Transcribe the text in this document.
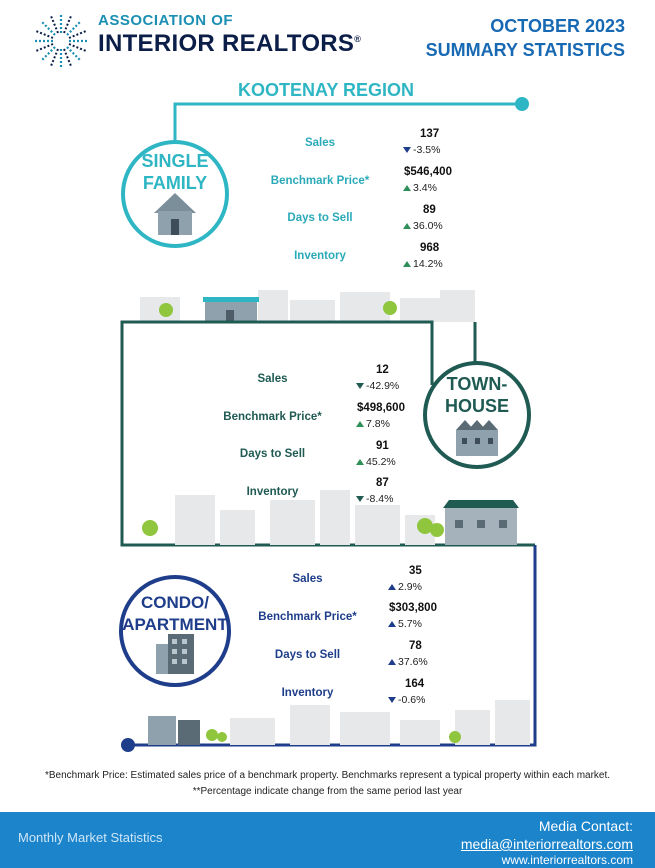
ASSOCIATION OF
INTERIOR REALTORS®
OCTOBER 2023
SUMMARY STATISTICS
KOOTENAY REGION
SINGLE
FAMILY
Sales
137
-3.5%
Benchmark Price*
$546,400
3.4%
Days to Sell
89
36.0%
Inventory
968
14.2%
TOWN-
HOUSE
Sales
12
-42.9%
Benchmark Price*
$498,600
7.8%
Days to Sell
91
45.2%
Inventory
87
-8.4%
CONDO/
APARTMENT
Sales
35
2.9%
Benchmark Price*
$303,800
5.7%
Days to Sell
78
37.6%
Inventory
164
-0.6%
*Benchmark Price: Estimated sales price of a benchmark property. Benchmarks represent a typical property within each market.
**Percentage indicate change from the same period last year
Monthly Market Statistics
Media Contact:
media@interiorrealtors.com
www.interiorrealtors.com
